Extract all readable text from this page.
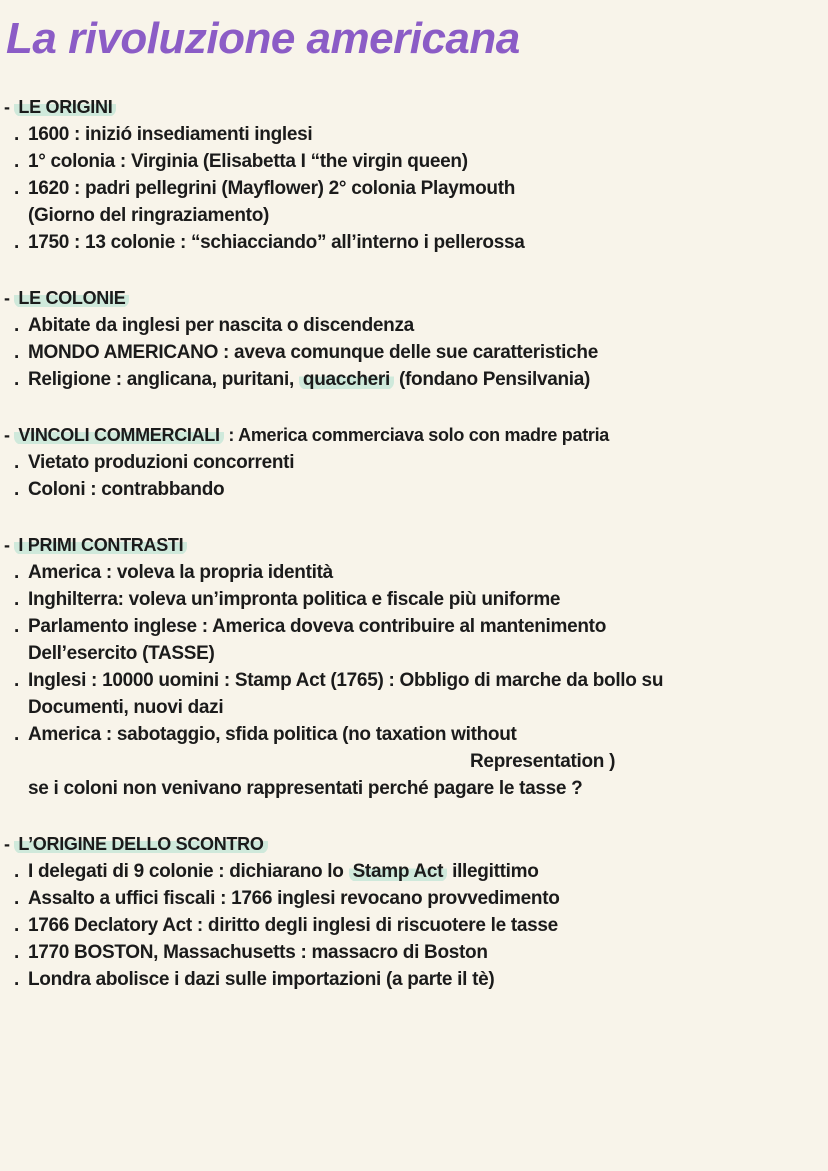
La rivoluzione americana
- LE ORIGINI
. 1600 : inizió insediamenti inglesi
. 1° colonia : Virginia (Elisabetta I “the virgin queen)
. 1620 : padri pellegrini (Mayflower) 2° colonia Playmouth
(Giorno del ringraziamento)
. 1750 : 13 colonie : “schiacciando” all’interno i pellerossa
- LE COLONIE
. Abitate da inglesi per nascita o discendenza
. MONDO AMERICANO : aveva comunque delle sue caratteristiche
. Religione : anglicana, puritani, quaccheri (fondano Pensilvania)
- VINCOLI COMMERCIALI : America commerciava solo con madre patria
. Vietato produzioni concorrenti
. Coloni : contrabbando
- I PRIMI CONTRASTI
. America : voleva la propria identità
. Inghilterra: voleva un’impronta politica e fiscale più uniforme
. Parlamento inglese : America doveva contribuire al mantenimento
Dell’esercito (TASSE)
. Inglesi : 10000 uomini : Stamp Act (1765) : Obbligo di marche da bollo su
Documenti, nuovi dazi
. America : sabotaggio, sfida politica (no taxation without
Representation )
se i coloni non venivano rappresentati perché pagare le tasse ?
- L’ORIGINE DELLO SCONTRO
. I delegati di 9 colonie : dichiarano lo Stamp Act illegittimo
. Assalto a uffici fiscali : 1766 inglesi revocano provvedimento
. 1766 Declatory Act : diritto degli inglesi di riscuotere le tasse
. 1770 BOSTON, Massachusetts : massacro di Boston
. Londra abolisce i dazi sulle importazioni (a parte il tè)
